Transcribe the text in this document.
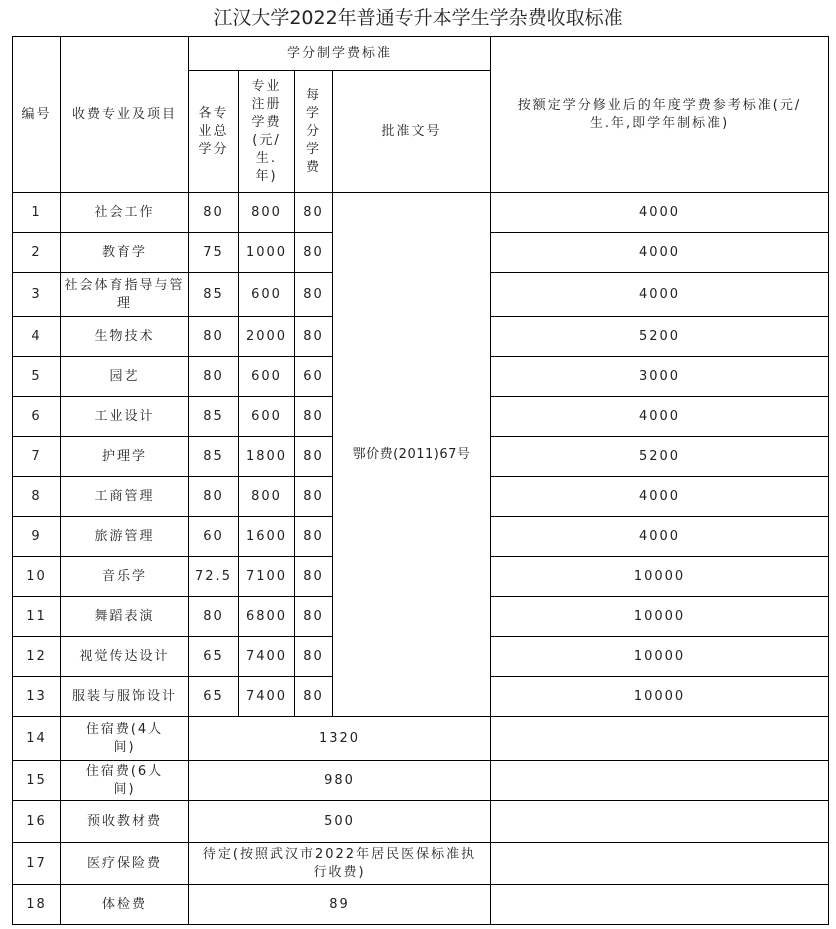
江汉大学2022年普通专升本学生学杂费收取标准
编号	收费专业及项目	学分制学费标准				按额定学分修业后的年度学费参考标准(元/生.年,即学年制标准)
		各专业总学分	专业注册学费(元/生.年)	每学分学费	批准文号	
1	社会工作	80	800	80	鄂价费(2011)67号	4000
2	教育学	75	1000	80		4000
3	社会体育指导与管理	85	600	80		4000
4	生物技术	80	2000	80		5200
5	园艺	80	600	60		3000
6	工业设计	85	600	80		4000
7	护理学	85	1800	80		5200
8	工商管理	80	800	80		4000
9	旅游管理	60	1600	80		4000
10	音乐学	72.5	7100	80		10000
11	舞蹈表演	80	6800	80		10000
12	视觉传达设计	65	7400	80		10000
13	服装与服饰设计	65	7400	80		10000
14	住宿费(4人间)	1320				
15	住宿费(6人间)	980				
16	预收教材费	500				
17	医疗保险费	待定(按照武汉市2022年居民医保标准执行收费)				
18	体检费	89				
